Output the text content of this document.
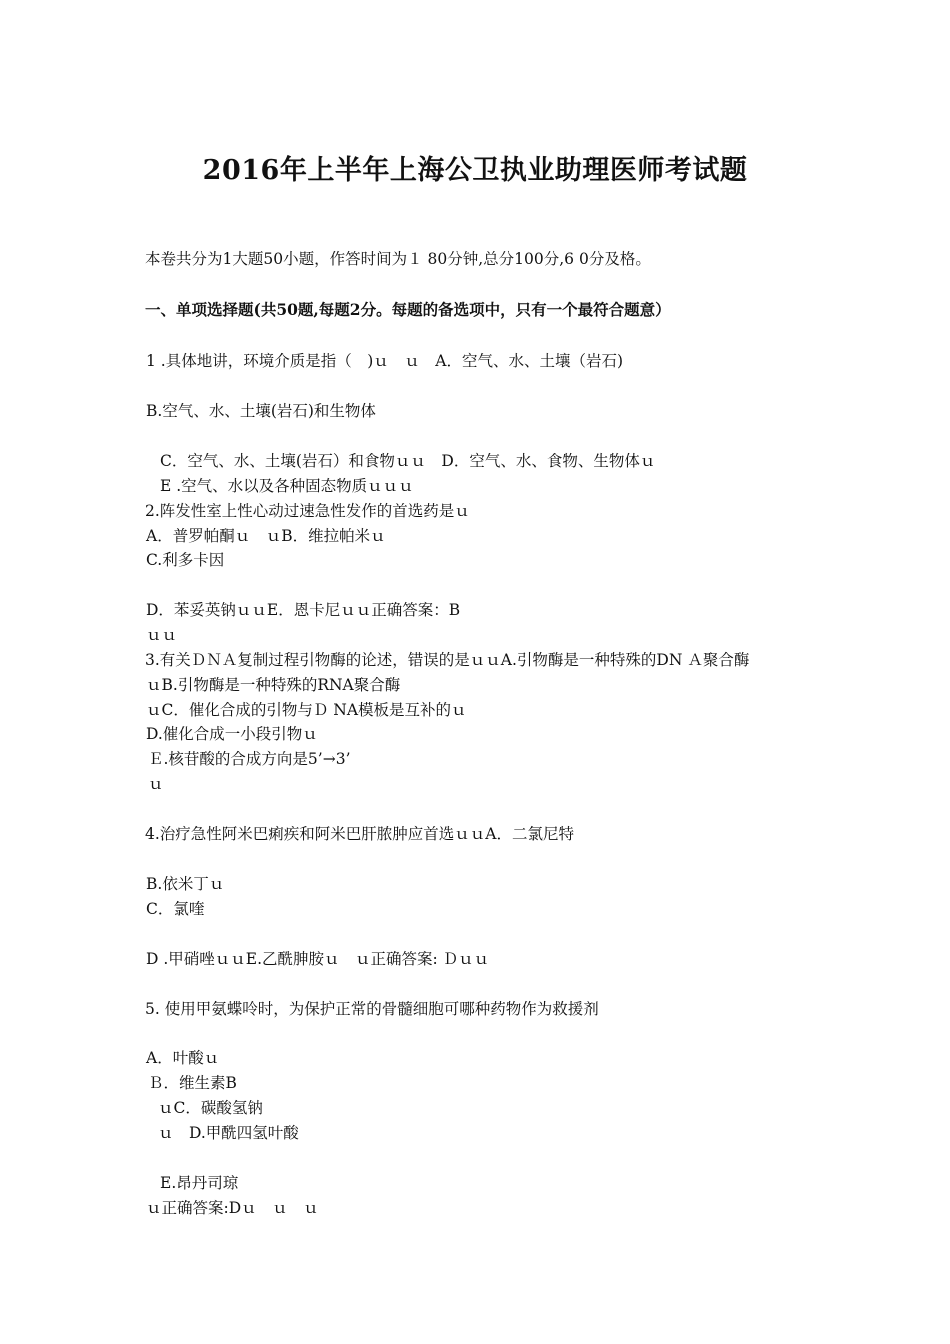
2016年上半年上海公卫执业助理医师考试题
本卷共分为1大题50小题，作答时间为１ 80分钟,总分100分,6 0分及格。
一、单项选择题(共50题,每题2分。每题的备选项中，只有一个最符合题意）
1 .具体地讲，环境介质是指（　)ｕ　ｕ　A．空气、水、土壤（岩石)
B.空气、水、土壤(岩石)和生物体
C．空气、水、土壤(岩石）和食物ｕｕ　D．空气、水、食物、生物体ｕ
E .空气、水以及各种固态物质ｕｕｕ
2.阵发性室上性心动过速急性发作的首选药是ｕ
A．普罗帕酮ｕ　ｕB．维拉帕米ｕ
C.利多卡因
D．苯妥英钠ｕｕE．恩卡尼ｕｕ正确答案：B
ｕｕ
3.有关ＤＮＡ复制过程引物酶的论述，错误的是ｕｕA.引物酶是一种特殊的DN Ａ聚合酶
ｕB.引物酶是一种特殊的RNA聚合酶
ｕC．催化合成的引物与Ｄ NA模板是互补的ｕ
D.催化合成一小段引物ｕ
Ｅ.核苷酸的合成方向是5’→3’
ｕ
4.治疗急性阿米巴痢疾和阿米巴肝脓肿应首选ｕｕA．二氯尼特
B.依米丁ｕ
C．氯喹
D .甲硝唑ｕｕE.乙酰胂胺ｕ　ｕ正确答案: Ｄｕｕ
5. 使用甲氨蝶呤时，为保护正常的骨髓细胞可哪种药物作为救援剂
A．叶酸ｕ
Ｂ．维生素B
ｕC．碳酸氢钠
ｕ　D.甲酰四氢叶酸
E.昂丹司琼
ｕ正确答案:Dｕ　ｕ　ｕ
